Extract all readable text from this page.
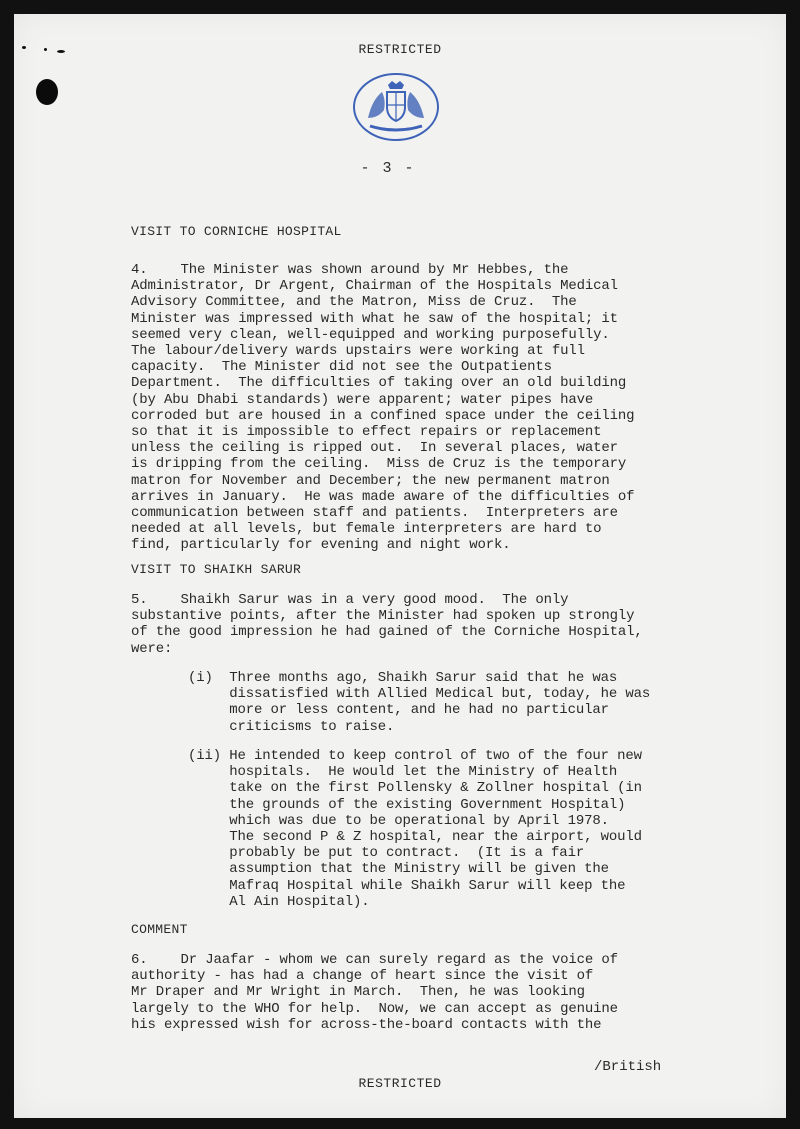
RESTRICTED
- 3 -
VISIT TO CORNICHE HOSPITAL
4.    The Minister was shown around by Mr Hebbes, the
Administrator, Dr Argent, Chairman of the Hospitals Medical
Advisory Committee, and the Matron, Miss de Cruz.  The
Minister was impressed with what he saw of the hospital; it
seemed very clean, well-equipped and working purposefully.
The labour/delivery wards upstairs were working at full
capacity.  The Minister did not see the Outpatients
Department.  The difficulties of taking over an old building
(by Abu Dhabi standards) were apparent; water pipes have
corroded but are housed in a confined space under the ceiling
so that it is impossible to effect repairs or replacement
unless the ceiling is ripped out.  In several places, water
is dripping from the ceiling.  Miss de Cruz is the temporary
matron for November and December; the new permanent matron
arrives in January.  He was made aware of the difficulties of
communication between staff and patients.  Interpreters are
needed at all levels, but female interpreters are hard to
find, particularly for evening and night work.
VISIT TO SHAIKH SARUR
5.    Shaikh Sarur was in a very good mood.  The only
substantive points, after the Minister had spoken up strongly
of the good impression he had gained of the Corniche Hospital,
were:
(i)  Three months ago, Shaikh Sarur said that he was
dissatisfied with Allied Medical but, today, he was
more or less content, and he had no particular
criticisms to raise.
(ii) He intended to keep control of two of the four new
hospitals.  He would let the Ministry of Health
take on the first Pollensky & Zollner hospital (in
the grounds of the existing Government Hospital)
which was due to be operational by April 1978.
The second P & Z hospital, near the airport, would
probably be put to contract.  (It is a fair
assumption that the Ministry will be given the
Mafraq Hospital while Shaikh Sarur will keep the
Al Ain Hospital).
COMMENT
6.    Dr Jaafar - whom we can surely regard as the voice of
authority - has had a change of heart since the visit of
Mr Draper and Mr Wright in March.  Then, he was looking
largely to the WHO for help.  Now, we can accept as genuine
his expressed wish for across-the-board contacts with the
/British
RESTRICTED
